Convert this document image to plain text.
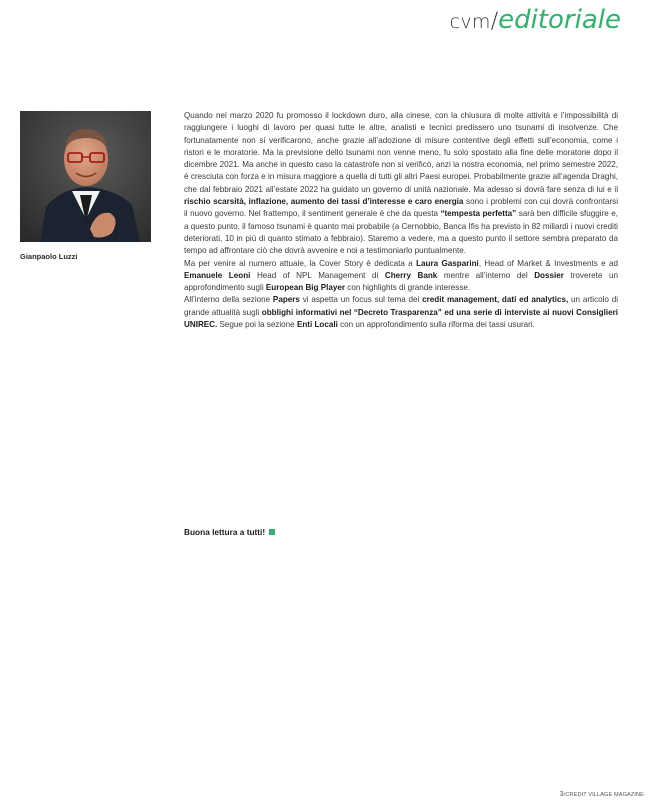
cvm/editoriale
Gianpaolo Luzzi

Quando nel marzo 2020 fu promosso il lockdown duro, alla cinese, con la chiusura di molte attività e l’impossibilità di raggiungere i luoghi di lavoro per quasi tutte le altre, analisti e tecnici predissero uno tsunami di insolvenze. Che fortunatamente non si verificarono, anche grazie all’adozione di misure contentive degli effetti sull’economia, come i ristori e le moratorie. Ma la previsione dello tsunami non venne meno, fu solo spostato alla fine delle moratorie dopo il dicembre 2021. Ma anche in questo caso la catastrofe non si verificò, anzi la nostra economia, nel primo semestre 2022, è cresciuta con forza e in misura maggiore a quella di tutti gli altri Paesi europei. Probabilmente grazie all’agenda Draghi, che dal febbraio 2021 all’estate 2022 ha guidato un governo di unità nazionale. Ma adesso si dovrà fare senza di lui e il rischio scarsità, inflazione, aumento dei tassi d’interesse e caro energia sono i problemi con cui dovrà confrontarsi il nuovo governo. Nel frattempo, il sentiment generale è che da questa “tempesta perfetta” sarà ben difficile sfuggire e, a questo punto, il famoso tsunami è quanto mai probabile (a Cernobbio, Banca Ifis ha previsto in 82 miliardi i nuovi crediti deteriorati, 10 in più di quanto stimato a febbraio). Staremo a vedere, ma a questo punto il settore sembra preparato da tempo ad affrontare ciò che dovrà avvenire e noi a testimoniarlo puntualmente.

Ma per venire al numero attuale, la Cover Story è dedicata a Laura Gasparini, Head of Market & Investments e ad Emanuele Leoni Head of NPL Management di Cherry Bank mentre all’interno del Dossier troverete un approfondimento sugli European Big Player con highlights di grande interesse.

All’interno della sezione Papers vi aspetta un focus sul tema dei credit management, dati ed analytics, un articolo di grande attualità sugli obblighi informativi nel “Decreto Trasparenza” ed una serie di interviste ai nuovi Consiglieri UNIREC. Segue poi la sezione Enti Locali con un approfondimento sulla riforma dei tassi usurari.

Buona lettura a tutti!
3/CREDIT VILLAGE MAGAZINE
